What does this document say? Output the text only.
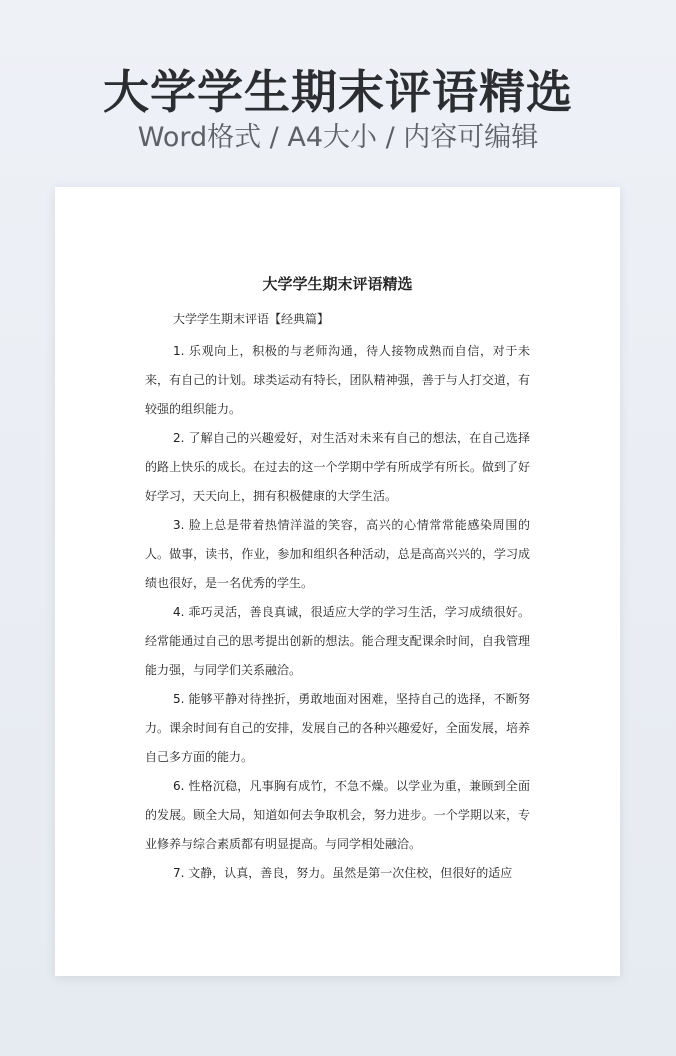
大学学生期末评语精选
Word格式 / A4大小 / 内容可编辑
大学学生期末评语精选
大学学生期末评语【经典篇】

1. 乐观向上，积极的与老师沟通，待人接物成熟而自信，对于未来，有自己的计划。球类运动有特长，团队精神强，善于与人打交道，有较强的组织能力。

2. 了解自己的兴趣爱好，对生活对未来有自己的想法，在自己选择的路上快乐的成长。在过去的这一个学期中学有所成学有所长。做到了好好学习，天天向上，拥有积极健康的大学生活。

3. 脸上总是带着热情洋溢的笑容，高兴的心情常常能感染周围的人。做事，读书，作业，参加和组织各种活动，总是高高兴兴的，学习成绩也很好，是一名优秀的学生。

4. 乖巧灵活，善良真诚，很适应大学的学习生活，学习成绩很好。经常能通过自己的思考提出创新的想法。能合理支配课余时间，自我管理能力强，与同学们关系融洽。

5. 能够平静对待挫折，勇敢地面对困难，坚持自己的选择，不断努力。课余时间有自己的安排，发展自己的各种兴趣爱好，全面发展，培养自己多方面的能力。

6. 性格沉稳，凡事胸有成竹，不急不燥。以学业为重，兼顾到全面的发展。顾全大局，知道如何去争取机会，努力进步。一个学期以来，专业修养与综合素质都有明显提高。与同学相处融洽。

7. 文静，认真，善良，努力。虽然是第一次住校，但很好的适应
